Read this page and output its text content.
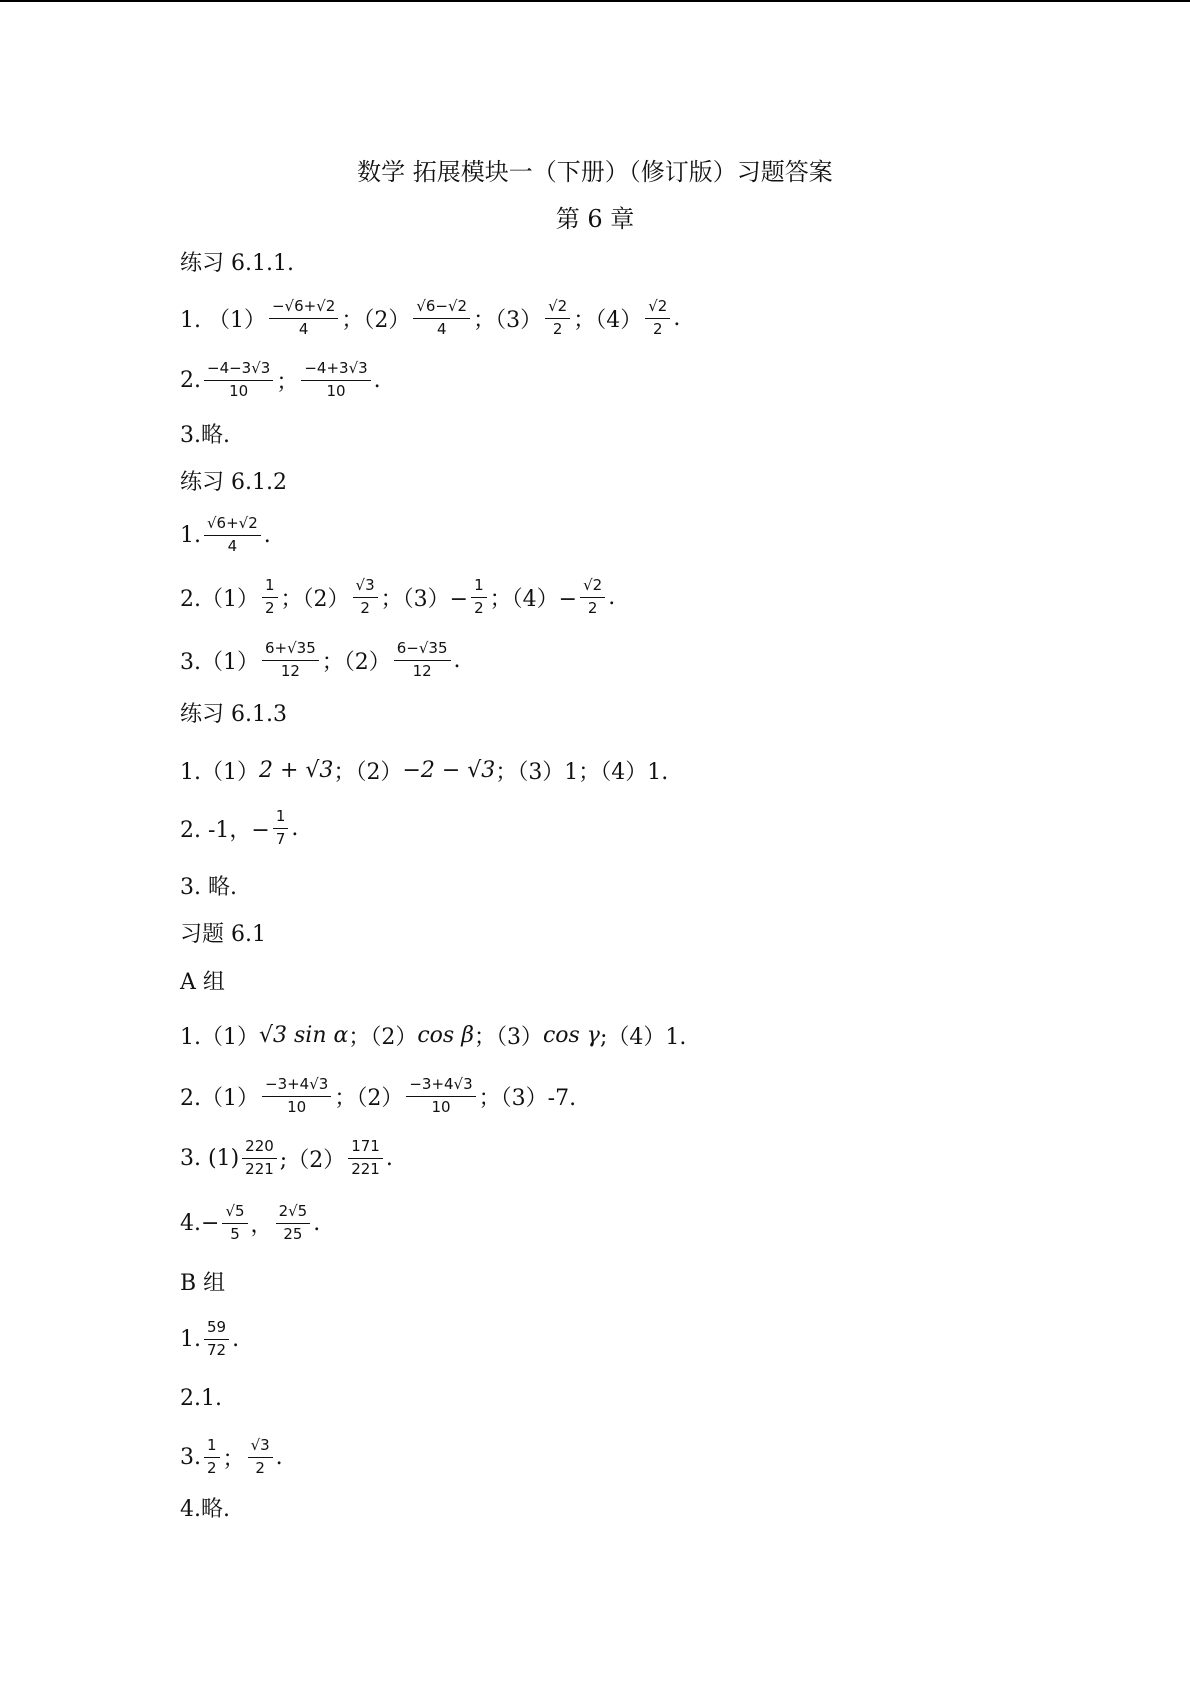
数学 拓展模块一（下册）（修订版）习题答案
第 6 章
练习 6.1.1.
1. $(1) \frac{-√6+√2}{4}$ ；$(2) \frac{√6-√2}{4}$ ；$(3) \frac{√2}{2}$ ；$(4) \frac{√2}{2}$ .
2. $\frac{-4-3√3}{10}$ ； $\frac{-4+3√3}{10}$ .
3.略.
练习 6.1.2
1. $\frac{√6+√2}{4}$ .
$2.(1) \frac{1}{2}$ ；$(2) \frac{√3}{2}$ ；$(3)- \frac{1}{2}$ ；$(4)- \frac{√2}{2}$ .
$3.(1) \frac{6+√35}{12}$ ；$(2) \frac{6-√35}{12}$ .
练习 6.1.3
1.（1） 2 + √3 ；（2） −2 − √3 ；（3）1；（4）1.
2. -1，− $\frac{1}{7}$ .
3. 略.
习题 6.1
A 组
1.（1） √3 sin α ；（2） cos β ；（3） cos γ ;（4）1.
$2.(1) \frac{-3+4√3}{10}$ ；$(2) \frac{-3+4√3}{10}$ ；（3）-7.
3. $(1) \frac{220}{221}$ ;（2） $\frac{171}{221}$ .
$4.- \frac{√5}{5}$ ， $\frac{2√5}{25}$ .
B 组
1. $\frac{59}{72}$ .
2.1.
3. $\frac{1}{2}$ ； $\frac{√3}{2}$ .
4.略.
